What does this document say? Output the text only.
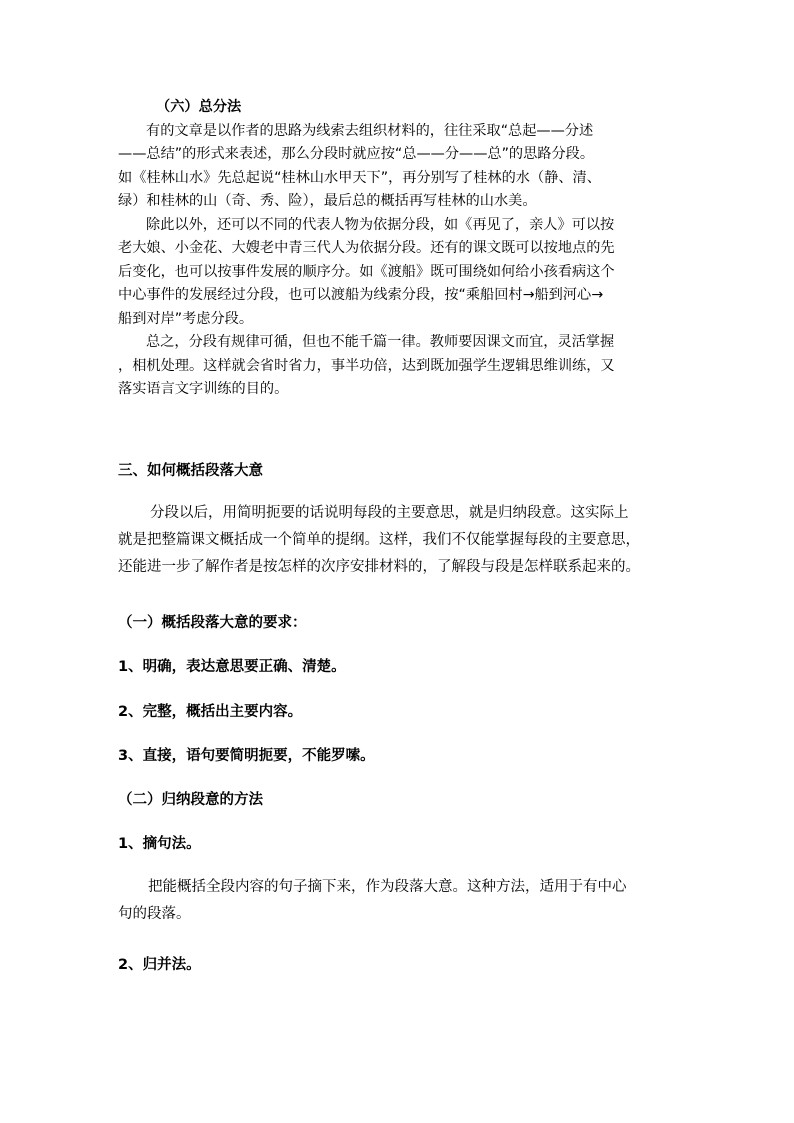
（六）总分法
有的文章是以作者的思路为线索去组织材料的，往往采取“总起——分述
——总结”的形式来表述，那么分段时就应按“总——分——总”的思路分段。
如《桂林山水》先总起说“桂林山水甲天下”，再分别写了桂林的水（静、清、
绿）和桂林的山（奇、秀、险），最后总的概括再写桂林的山水美。
除此以外，还可以不同的代表人物为依据分段，如《再见了，亲人》可以按
老大娘、小金花、大嫂老中青三代人为依据分段。还有的课文既可以按地点的先
后变化，也可以按事件发展的顺序分。如《渡船》既可围绕如何给小孩看病这个
中心事件的发展经过分段，也可以渡船为线索分段，按“乘船回村→船到河心→
船到对岸”考虑分段。
总之，分段有规律可循，但也不能千篇一律。教师要因课文而宜，灵活掌握
，相机处理。这样就会省时省力，事半功倍，达到既加强学生逻辑思维训练，又
落实语言文字训练的目的。
三、如何概括段落大意
分段以后，用简明扼要的话说明每段的主要意思，就是归纳段意。这实际上
就是把整篇课文概括成一个简单的提纲。这样，我们不仅能掌握每段的主要意思，
还能进一步了解作者是按怎样的次序安排材料的，了解段与段是怎样联系起来的。
（一）概括段落大意的要求：
1、明确，表达意思要正确、清楚。
2、完整，概括出主要内容。
3、直接，语句要简明扼要，不能罗嗦。
（二）归纳段意的方法
1、摘句法。
把能概括全段内容的句子摘下来，作为段落大意。这种方法，适用于有中心
句的段落。
2、归并法。
